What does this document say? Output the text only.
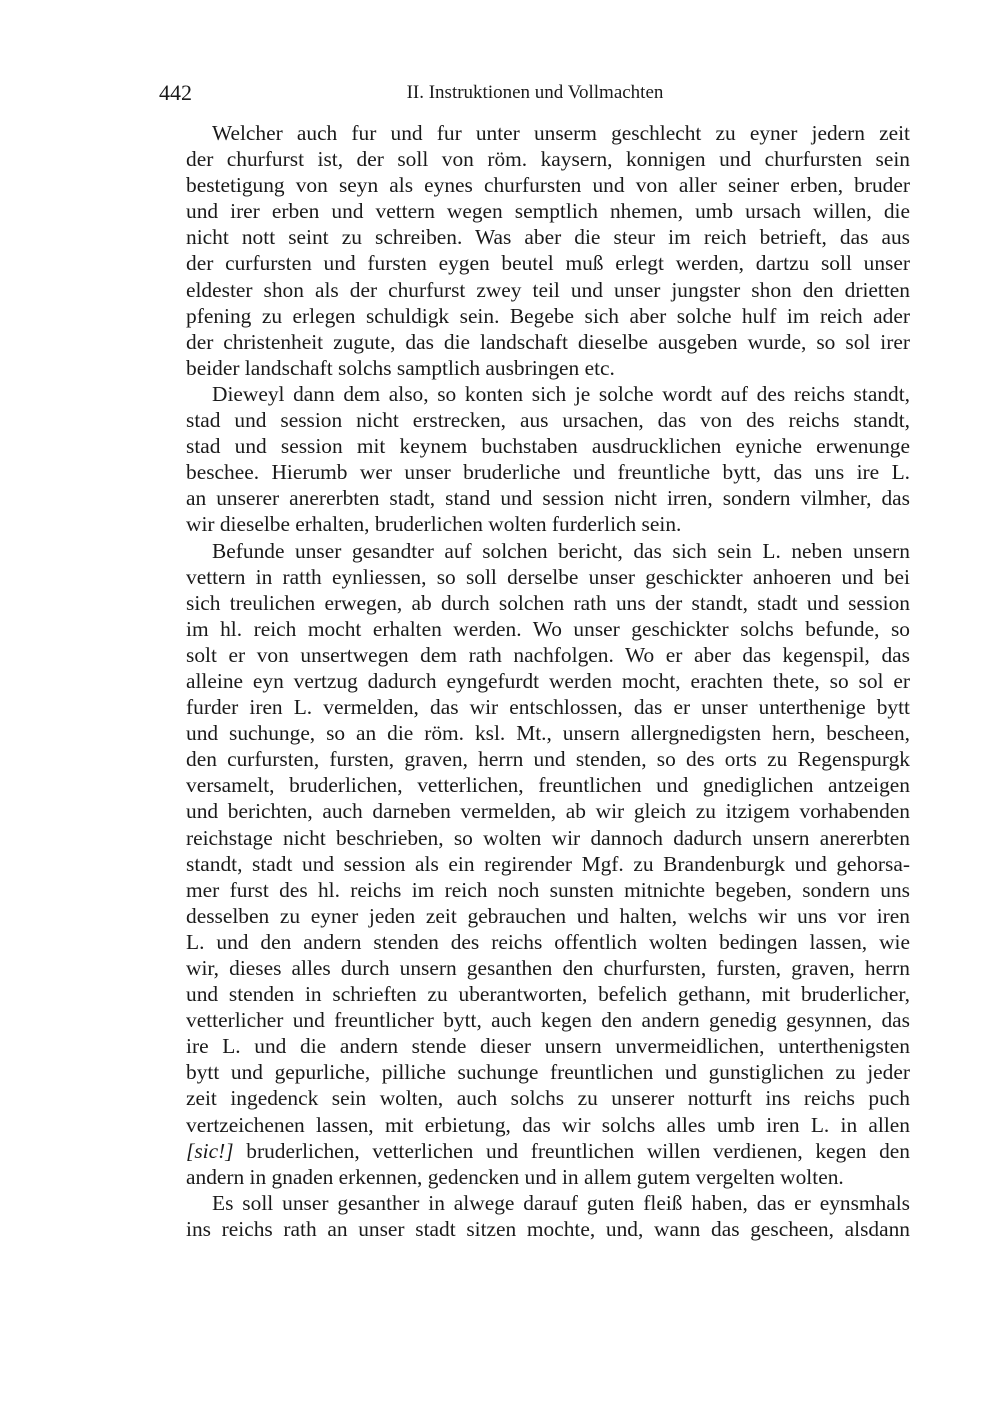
442	II. Instruktionen und Vollmachten
Welcher auch fur und fur unter unserm geschlecht zu eyner jedern zeit
der churfurst ist, der soll von röm. kaysern, konnigen und churfursten sein
bestetigung von seyn als eynes churfursten und von aller seiner erben, bruder
und irer erben und vettern wegen semptlich nhemen, umb ursach willen, die
nicht nott seint zu schreiben. Was aber die steur im reich betrieft, das aus
der curfursten und fursten eygen beutel muß erlegt werden, dartzu soll unser
eldester shon als der churfurst zwey teil und unser jungster shon den drietten
pfening zu erlegen schuldigk sein. Begebe sich aber solche hulf im reich ader
der christenheit zugute, das die landschaft dieselbe ausgeben wurde, so sol irer
beider landschaft solchs samptlich ausbringen etc.
Dieweyl dann dem also, so konten sich je solche wordt auf des reichs standt,
stad und session nicht erstrecken, aus ursachen, das von des reichs standt,
stad und session mit keynem buchstaben ausdrucklichen eyniche erwenunge
beschee. Hierumb wer unser bruderliche und freuntliche bytt, das uns ire L.
an unserer anererbten stadt, stand und session nicht irren, sondern vilmher, das
wir dieselbe erhalten, bruderlichen wolten furderlich sein.
Befunde unser gesandter auf solchen bericht, das sich sein L. neben unsern
vettern in ratth eynliessen, so soll derselbe unser geschickter anhoeren und bei
sich treulichen erwegen, ab durch solchen rath uns der standt, stadt und session
im hl. reich mocht erhalten werden. Wo unser geschickter solchs befunde, so
solt er von unsertwegen dem rath nachfolgen. Wo er aber das kegenspil, das
alleine eyn vertzug dadurch eyngefurdt werden mocht, erachten thete, so sol er
furder iren L. vermelden, das wir entschlossen, das er unser unterthenige bytt
und suchunge, so an die röm. ksl. Mt., unsern allergnedigsten hern, bescheen,
den curfursten, fursten, graven, herrn und stenden, so des orts zu Regenspurgk
versamelt, bruderlichen, vetterlichen, freuntlichen und gnediglichen antzeigen
und berichten, auch darneben vermelden, ab wir gleich zu itzigem vorhabenden
reichstage nicht beschrieben, so wolten wir dannoch dadurch unsern anererbten
standt, stadt und session als ein regirender Mgf. zu Brandenburgk und gehorsa-
mer furst des hl. reichs im reich noch sunsten mitnichte begeben, sondern uns
desselben zu eyner jeden zeit gebrauchen und halten, welchs wir uns vor iren
L. und den andern stenden des reichs offentlich wolten bedingen lassen, wie
wir, dieses alles durch unsern gesanthen den churfursten, fursten, graven, herrn
und stenden in schrieften zu uberantworten, befelich gethann, mit bruderlicher,
vetterlicher und freuntlicher bytt, auch kegen den andern genedig gesynnen, das
ire L. und die andern stende dieser unsern unvermeidlichen, unterthenigsten
bytt und gepurliche, pilliche suchunge freuntlichen und gunstiglichen zu jeder
zeit ingedenck sein wolten, auch solchs zu unserer notturft ins reichs puch
vertzeichenen lassen, mit erbietung, das wir solchs alles umb iren L. in allen
[sic!] bruderlichen, vetterlichen und freuntlichen willen verdienen, kegen den
andern in gnaden erkennen, gedencken und in allem gutem vergelten wolten.
Es soll unser gesanther in alwege darauf guten fleiß haben, das er eynsmhals
ins reichs rath an unser stadt sitzen mochte, und, wann das gescheen, alsdann
